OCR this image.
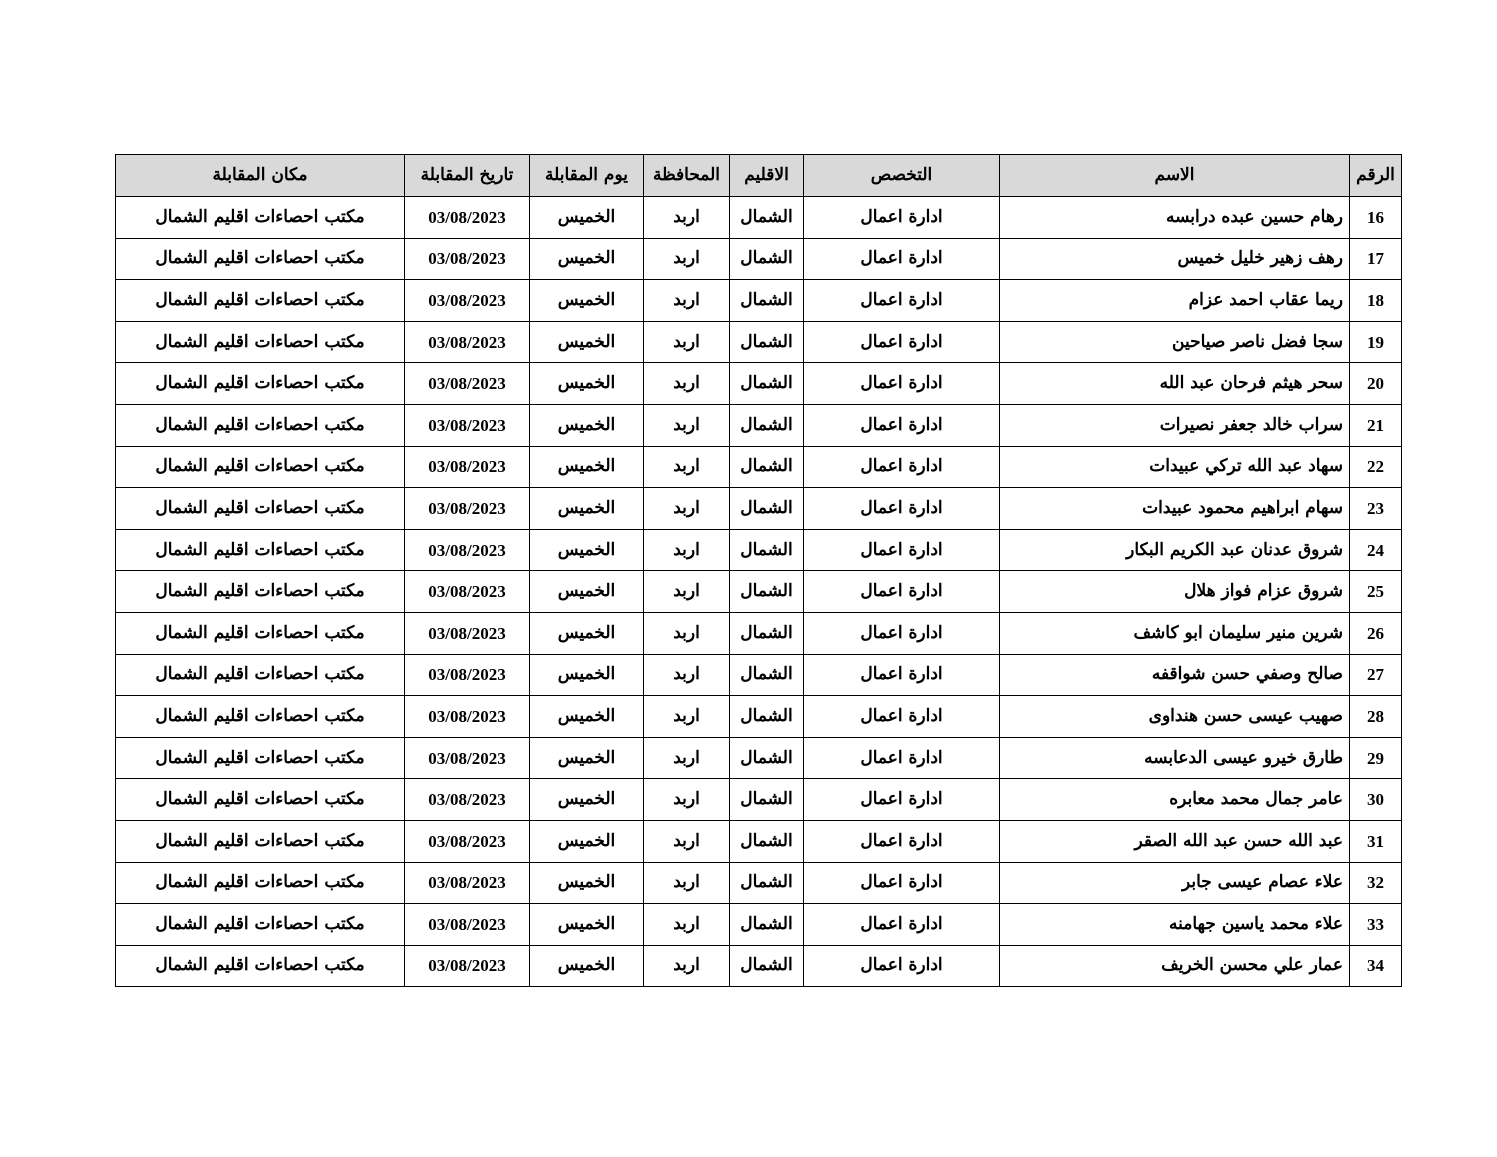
الرقم	الاسم	التخصص	الاقليم	المحافظة	يوم المقابلة	تاريخ المقابلة	مكان المقابلة
16	رهام حسين عبده درابسه	ادارة اعمال	الشمال	اربد	الخميس	03/08/2023	مكتب احصاءات اقليم الشمال
17	رهف زهير خليل خميس	ادارة اعمال	الشمال	اربد	الخميس	03/08/2023	مكتب احصاءات اقليم الشمال
18	ريما عقاب احمد عزام	ادارة اعمال	الشمال	اربد	الخميس	03/08/2023	مكتب احصاءات اقليم الشمال
19	سجا فضل ناصر صياحين	ادارة اعمال	الشمال	اربد	الخميس	03/08/2023	مكتب احصاءات اقليم الشمال
20	سحر هيثم فرحان عبد الله	ادارة اعمال	الشمال	اربد	الخميس	03/08/2023	مكتب احصاءات اقليم الشمال
21	سراب خالد جعفر نصيرات	ادارة اعمال	الشمال	اربد	الخميس	03/08/2023	مكتب احصاءات اقليم الشمال
22	سهاد عبد الله تركي عبيدات	ادارة اعمال	الشمال	اربد	الخميس	03/08/2023	مكتب احصاءات اقليم الشمال
23	سهام ابراهيم محمود عبيدات	ادارة اعمال	الشمال	اربد	الخميس	03/08/2023	مكتب احصاءات اقليم الشمال
24	شروق عدنان عبد الكريم البكار	ادارة اعمال	الشمال	اربد	الخميس	03/08/2023	مكتب احصاءات اقليم الشمال
25	شروق عزام فواز هلال	ادارة اعمال	الشمال	اربد	الخميس	03/08/2023	مكتب احصاءات اقليم الشمال
26	شرين منير سليمان ابو كاشف	ادارة اعمال	الشمال	اربد	الخميس	03/08/2023	مكتب احصاءات اقليم الشمال
27	صالح وصفي حسن شواقفه	ادارة اعمال	الشمال	اربد	الخميس	03/08/2023	مكتب احصاءات اقليم الشمال
28	صهيب عيسى حسن هنداوى	ادارة اعمال	الشمال	اربد	الخميس	03/08/2023	مكتب احصاءات اقليم الشمال
29	طارق خيرو عيسى الدعابسه	ادارة اعمال	الشمال	اربد	الخميس	03/08/2023	مكتب احصاءات اقليم الشمال
30	عامر جمال محمد معابره	ادارة اعمال	الشمال	اربد	الخميس	03/08/2023	مكتب احصاءات اقليم الشمال
31	عبد الله حسن عبد الله الصقر	ادارة اعمال	الشمال	اربد	الخميس	03/08/2023	مكتب احصاءات اقليم الشمال
32	علاء عصام عيسى جابر	ادارة اعمال	الشمال	اربد	الخميس	03/08/2023	مكتب احصاءات اقليم الشمال
33	علاء محمد ياسين جهامنه	ادارة اعمال	الشمال	اربد	الخميس	03/08/2023	مكتب احصاءات اقليم الشمال
34	عمار علي محسن الخريف	ادارة اعمال	الشمال	اربد	الخميس	03/08/2023	مكتب احصاءات اقليم الشمال
